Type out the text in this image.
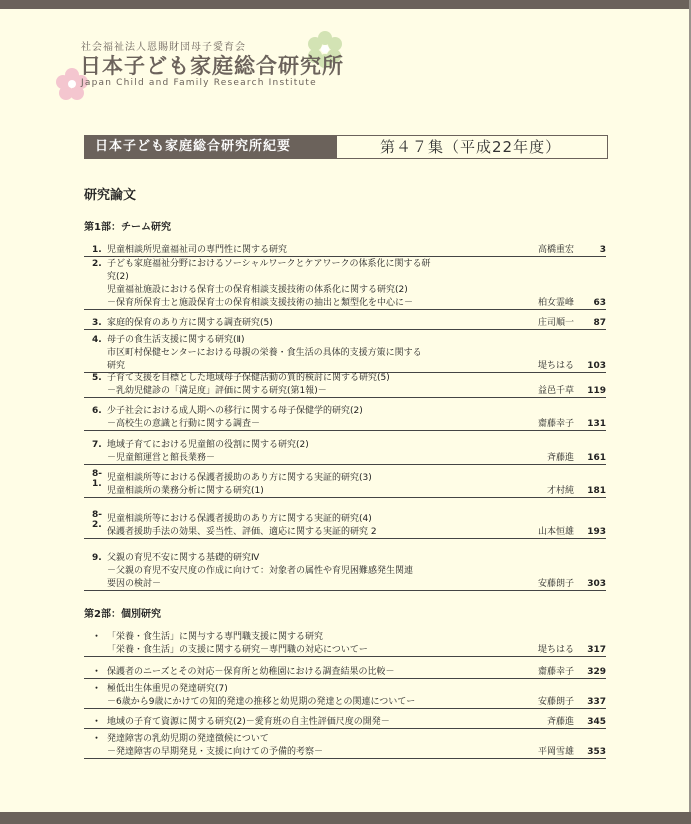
社会福祉法人恩賜財団母子愛育会
日本子ども家庭総合研究所
Japan Child and Family Research Institute
日本子ども家庭総合研究所紀要	第４７集（平成22年度）
研究論文
第1部：チーム研究
1. 児童相談所児童福祉司の専門性に関する研究	高橋重宏	3
2. 子ども家庭福祉分野におけるソーシャルワークとケアワークの体系化に関する研
究(2)
児童福祉施設における保育士の保育相談支援技術の体系化に関する研究(2)
－保育所保育士と施設保育士の保育相談支援技術の抽出と類型化を中心に－	柏女霊峰	63
3. 家庭的保育のあり方に関する調査研究(5)	庄司順一	87
4. 母子の食生活支援に関する研究(Ⅱ)
市区町村保健センターにおける母親の栄養・食生活の具体的支援方策に関する
研究	堤ちはる	103
5. 子育て支援を目標とした地域母子保健活動の質的検討に関する研究(5)
－乳幼児健診の「満足度」評価に関する研究(第1報)－	益邑千草	119
6. 少子社会における成人期への移行に関する母子保健学的研究(2)
－高校生の意識と行動に関する調査－	齋藤幸子	131
7. 地域子育てにおける児童館の役割に関する研究(2)
－児童館運営と館長業務－	斉藤進	161
8-1.
児童相談所等における保護者援助のあり方に関する実証的研究(3)
児童相談所の業務分析に関する研究(1)	才村純	181
8-2.
児童相談所等における保護者援助のあり方に関する実証的研究(4)
保護者援助手法の効果、妥当性、評価、適応に関する実証的研究 2	山本恒雄	193
9. 父親の育児不安に関する基礎的研究Ⅳ
－父親の育児不安尺度の作成に向けて：対象者の属性や育児困難感発生関連
要因の検討－	安藤朗子	303
第2部：個別研究
・ 「栄養・食生活」に関与する専門職支援に関する研究
「栄養・食生活」の支援に関する研究－専門職の対応についてー	堤ちはる	317
・ 保護者のニーズとその対応－保育所と幼稚園における調査結果の比較－	齋藤幸子	329
・ 極低出生体重児の発達研究(7)
－6歳から9歳にかけての知的発達の推移と幼児期の発達との関連についてー	安藤朗子	337
・ 地域の子育て資源に関する研究(2)－愛育班の自主性評価尺度の開発－	斉藤進	345
・ 発達障害の乳幼児期の発達徴候について
－発達障害の早期発見・支援に向けての予備的考察－	平岡雪雄	353
